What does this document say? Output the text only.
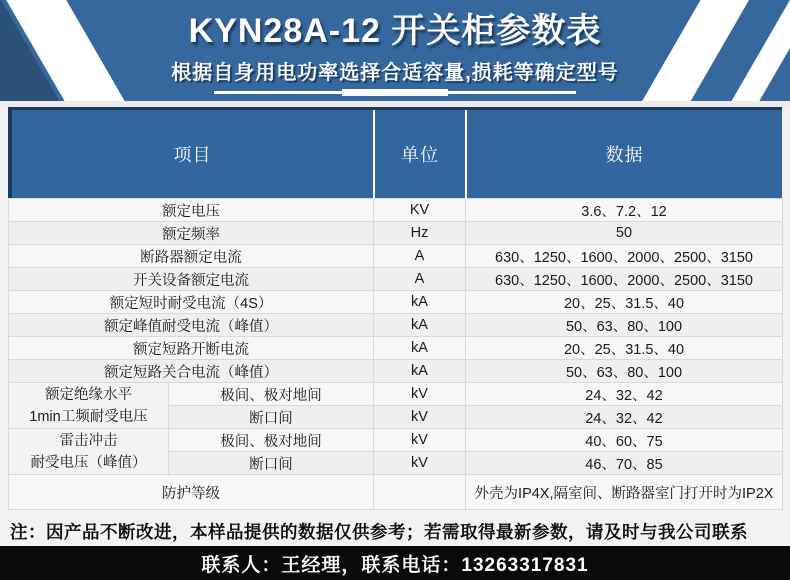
KYN28A-12 开关柜参数表
根据自身用电功率选择合适容量,损耗等确定型号
项目	单位	数据
额定电压		KV	3.6、7.2、12
额定频率		Hz	50
断路器额定电流		A	630、1250、1600、2000、2500、3150
开关设备额定电流		A	630、1250、1600、2000、2500、3150
额定短时耐受电流（4S）		kA	20、25、31.5、40
额定峰值耐受电流（峰值）		kA	50、63、80、100
额定短路开断电流		kA	20、25、31.5、40
额定短路关合电流（峰值）		kA	50、63、80、100
额定绝缘水平
1min工频耐受电压	极间、极对地间	kV	24、32、42
	断口间	kV	24、32、42
雷击冲击
耐受电压（峰值）	极间、极对地间	kV	40、60、75
	断口间	kV	46、70、85
防护等级			外壳为IP4X,隔室间、断路器室门打开时为IP2X
注：因产品不断改进，本样品提供的数据仅供参考；若需取得最新参数，请及时与我公司联系
联系人：王经理，联系电话：13263317831
